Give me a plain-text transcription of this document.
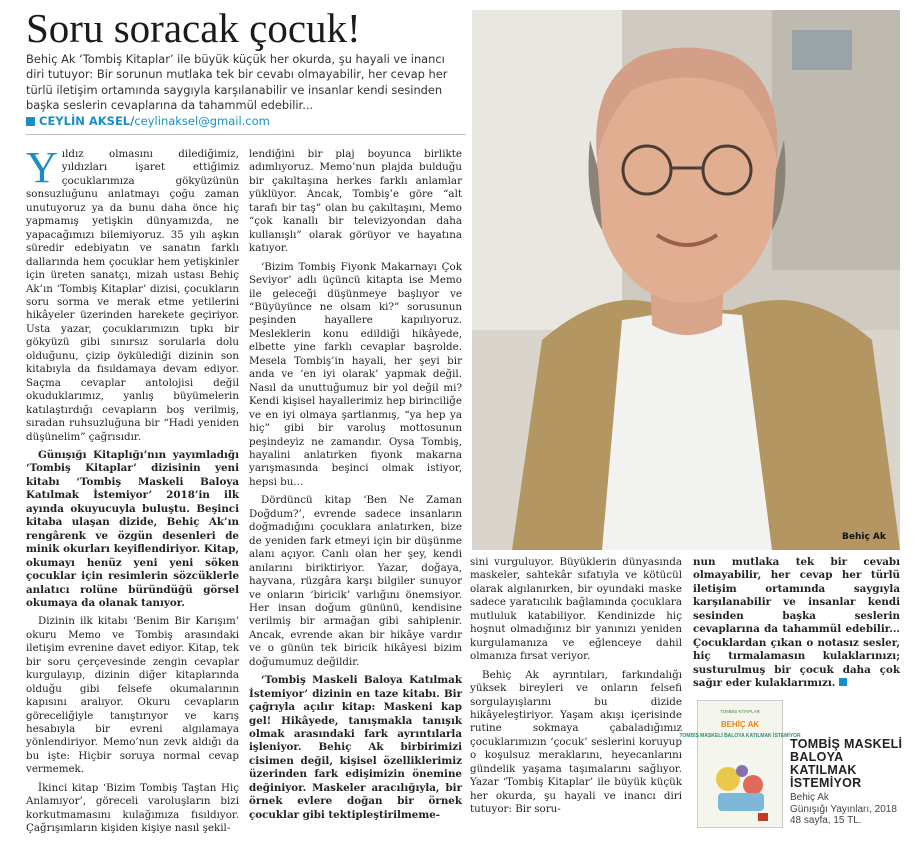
Soru soracak çocuk!

Behiç Ak ‘Tombiş Kitaplar’ ile büyük küçük her okurda, şu hayali ve inancı diri tutuyor: Bir sorunun mutlaka tek bir cevabı olmayabilir, her cevap her türlü iletişim ortamında saygıyla karşılanabilir ve insanlar kendi sesinden başka seslerin cevaplarına da tahammül edebilir...

CEYLİN AKSEL/ceylinaksel@gmail.com

Yıldız olmasını dilediğimiz, yıldızları işaret ettiğimiz çocuklarımıza gökyüzünün sonsuzluğunu anlatmayı çoğu zaman unutuyoruz ya da bunu daha önce hiç yapmamış yetişkin dünyamızda, ne yapacağımızı bilemiyoruz. 35 yılı aşkın süredir edebiyatın ve sanatın farklı dallarında hem çocuklar hem yetişkinler için üreten sanatçı, mizah ustası Behiç Ak’ın ‘Tombiş Kitaplar’ dizisi, çocukların soru sorma ve merak etme yetilerini hikâyeler üzerinden harekete geçiriyor. Usta yazar, çocuklarımızın tıpkı bir gökyüzü gibi sınırsız sorularla dolu olduğunu, çizip öykülediği dizinin son kitabıyla da fısıldamaya devam ediyor. Saçma cevaplar antolojisi değil okuduklarımız, yanlış büyümelerin katılaştırdığı cevapların boş verilmiş, sıradan ruhsuzluğuna bir “Hadi yeniden düşünelim” çağrısıdır.

Günışığı Kitaplığı’nın yayımladığı ‘Tombiş Kitaplar’ dizisinin yeni kitabı ‘Tombiş Maskeli Baloya Katılmak İstemiyor’ 2018’in ilk ayında okuyucuyla buluştu. Beşinci kitaba ulaşan dizide, Behiç Ak’ın rengârenk ve özgün desenleri de minik okurları keyiflendiriyor. Kitap, okumayı henüz yeni yeni söken çocuklar için resimlerin sözcüklerle anlatıcı rolüne büründüğü görsel okumaya da olanak tanıyor.

Dizinin ilk kitabı ‘Benim Bir Karışım’ okuru Memo ve Tombiş arasındaki iletişim evrenine davet ediyor. Kitap, tek bir soru çerçevesinde zengin cevaplar kurgulayıp, dizinin diğer kitaplarında olduğu gibi felsefe okumalarının kapısını aralıyor. Okuru cevapların göreceliğiyle tanıştırıyor ve karış hesabıyla bir evreni algılamaya yönlendiriyor. Memo’nun zevk aldığı da bu işte: Hiçbir soruya normal cevap vermemek.

İkinci kitap ‘Bizim Tombiş Taştan Hiç Anlamıyor’, göreceli varoluşların bizi korkutmamasını kulağımıza fısıldıyor. Çağrışımların kişiden kişiye nasıl şekil-

lendiğini bir plaj boyunca birlikte adımlıyoruz. Memo’nun plajda bulduğu bir çakıltaşına herkes farklı anlamlar yüklüyor. Ancak, Tombiş’e göre “alt tarafı bir taş” olan bu çakıltaşını, Memo “çok kanallı bir televizyondan daha kullanışlı” olarak görüyor ve hayatına katıyor.

‘Bizim Tombiş Fiyonk Makarnayı Çok Seviyor’ adlı üçüncü kitapta ise Memo ile geleceği düşünmeye başlıyor ve “Büyüyünce ne olsam ki?” sorusunun peşinden hayallere kapılıyoruz. Mesleklerin konu edildiği hikâyede, elbette yine farklı cevaplar başrolde. Mesela Tombiş’in hayali, her şeyi bir anda ve ‘en iyi olarak’ yapmak değil. Nasıl da unuttuğumuz bir yol değil mi? Kendi kişisel hayallerimiz hep birinciliğe ve en iyi olmaya şartlanmış, “ya hep ya hiç” gibi bir varoluş mottosunun peşindeyiz ne zamandır. Oysa Tombiş, hayalini anlatırken fiyonk makarna yarışmasında beşinci olmak istiyor, hepsi bu...

Dördüncü kitap ‘Ben Ne Zaman Doğdum?’, evrende sadece insanların doğmadığını çocuklara anlatırken, bize de yeniden fark etmeyi için bir düşünme alanı açıyor. Canlı olan her şey, kendi anılarını biriktiriyor. Yazar, doğaya, hayvana, rüzgâra karşı bilgiler sunuyor ve onların ‘biricik’ varlığını önemsiyor. Her insan doğum gününü, kendisine verilmiş bir armağan gibi sahiplenir. Ancak, evrende akan bir hikâye vardır ve o günün tek biricik hikâyesi bizim doğumumuz değildir.

‘Tombiş Maskeli Baloya Katılmak İstemiyor’ dizinin en taze kitabı. Bir çağrıyla açılır kitap: Maskeni kap gel! Hikâyede, tanışmakla tanışık olmak arasındaki fark ayrıntılarla işleniyor. Behiç Ak birbirimizi cisimen değil, kişisel özelliklerimiz üzerinden fark edişimizin önemine değiniyor. Maskeler aracılığıyla, bir örnek evlere doğan bir örnek çocuklar gibi tektipleştirilmeme-

Behiç Ak

sini vurguluyor. Büyüklerin dünyasında maskeler, sahtekâr sıfatıyla ve kötücül olarak algılanırken, bir oyundaki maske sadece yaratıcılık bağlamında çocuklara mutluluk katabiliyor. Kendinizde hiç hoşnut olmadığınız bir yanınızı yeniden kurgulamanıza ve eğlenceye dahil olmanıza fırsat veriyor.

Behiç Ak ayrıntıları, farkındalığı yüksek bireyleri ve onların felsefi sorgulayışlarını bu dizide hikâyeleştiriyor. Yaşam akışı içerisinde rutine sokmaya çabaladığımız çocuklarımızın ‘çocuk’ seslerini koruyup o koşulsuz meraklarını, heyecanlarını gündelik yaşama taşımalarını sağlıyor. Yazar ‘Tombiş Kitaplar’ ile büyük küçük her okurda, şu hayali ve inancı diri tutuyor: Bir soru-

nun mutlaka tek bir cevabı olmayabilir, her cevap her türlü iletişim ortamında saygıyla karşılanabilir ve insanlar kendi sesinden başka seslerin cevaplarına da tahammül edebilir... Çocuklardan çıkan o notasız sesler, hiç tırmalamasın kulaklarınızı; susturulmuş bir çocuk daha çok sağır eder kulaklarımızı.

TOMBİŞ KİTAPLAR
BEHİÇ AK
TOMBİŞ MASKELİ BALOYA KATILMAK İSTEMİYOR
TOMBİŞ MASKELİ BALOYA KATILMAK İSTEMİYOR
Behiç Ak
Günışığı Yayınları, 2018
48 sayfa, 15 TL.
